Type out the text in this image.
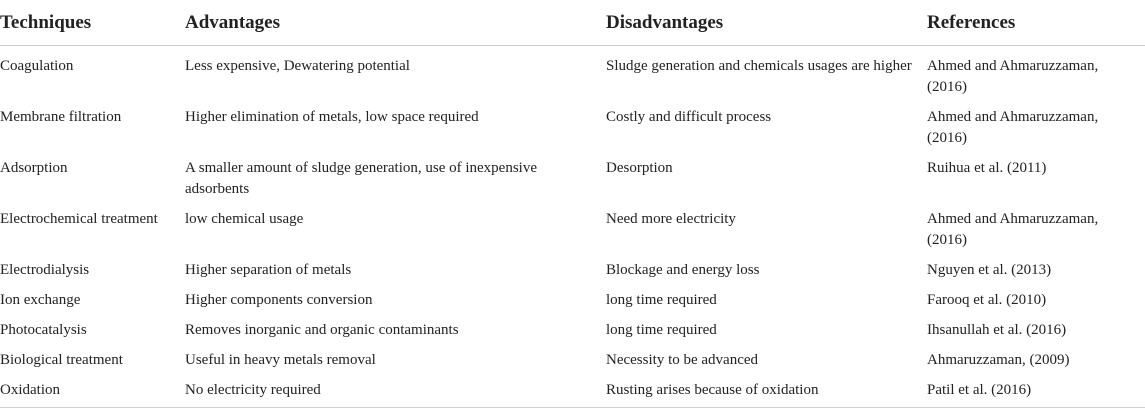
Techniques	Advantages	Disadvantages	References
Coagulation	Less expensive, Dewatering potential	Sludge generation and chemicals usages are higher	Ahmed and Ahmaruzzaman, (2016)
Membrane filtration	Higher elimination of metals, low space required	Costly and difficult process	Ahmed and Ahmaruzzaman, (2016)
Adsorption	A smaller amount of sludge generation, use of inexpensive adsorbents	Desorption	Ruihua et al. (2011)
Electrochemical treatment	low chemical usage	Need more electricity	Ahmed and Ahmaruzzaman, (2016)
Electrodialysis	Higher separation of metals	Blockage and energy loss	Nguyen et al. (2013)
Ion exchange	Higher components conversion	long time required	Farooq et al. (2010)
Photocatalysis	Removes inorganic and organic contaminants	long time required	Ihsanullah et al. (2016)
Biological treatment	Useful in heavy metals removal	Necessity to be advanced	Ahmaruzzaman, (2009)
Oxidation	No electricity required	Rusting arises because of oxidation	Patil et al. (2016)
